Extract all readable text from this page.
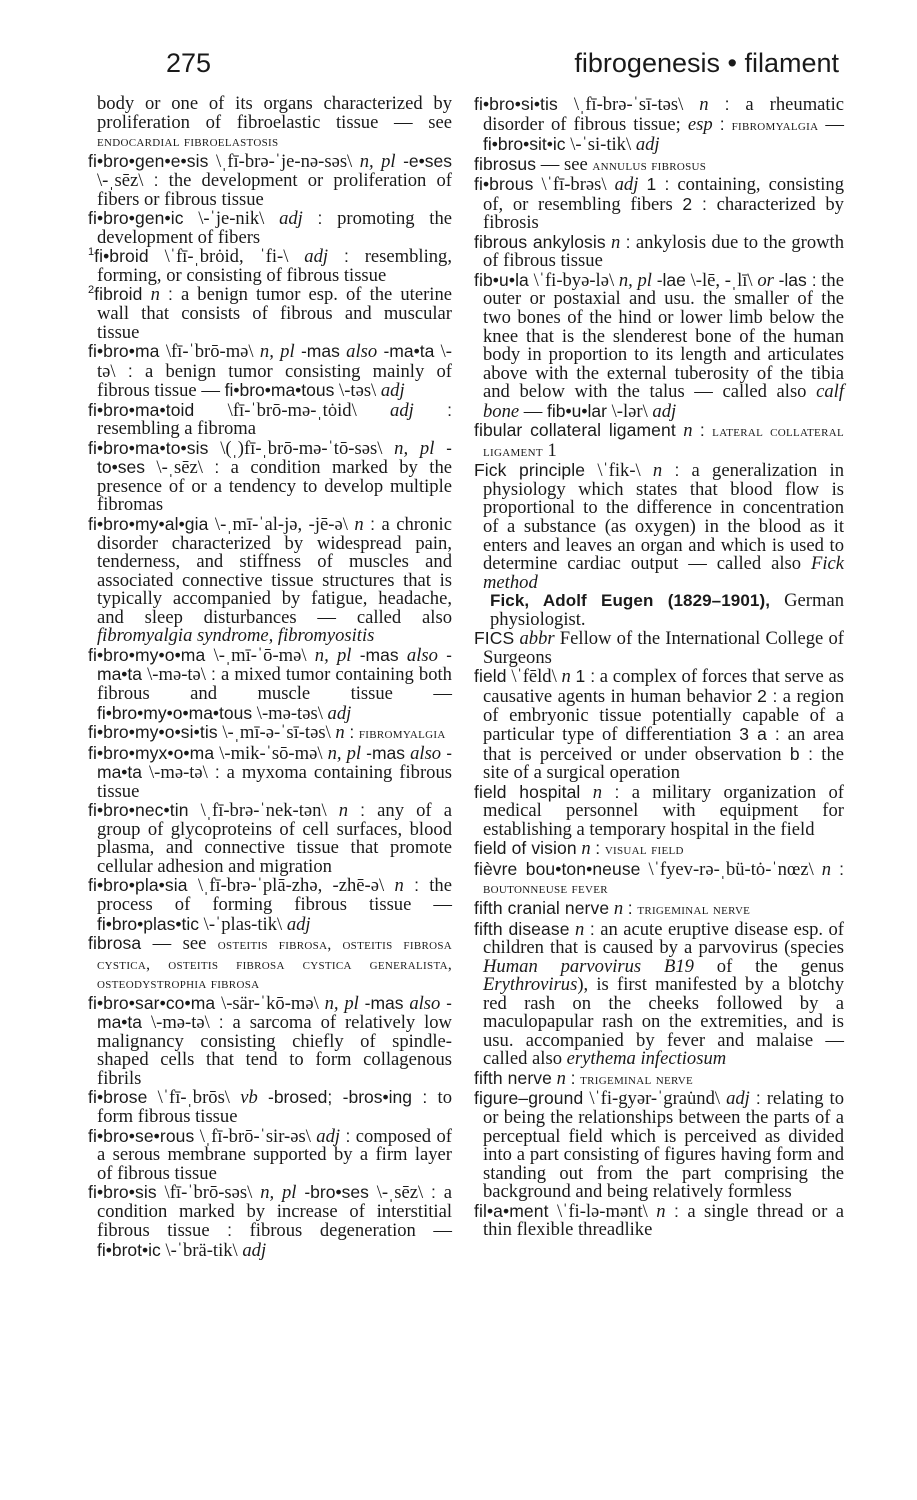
275	fibrogenesis • filament

body or one of its organs characterized by proliferation of fibroelastic tissue — see endocardial fibroelastosis

fi•bro•gen•e•sis \ˌfī-brə-ˈje-nə-səs\ n, pl -e•ses \-ˌsēz\ : the development or proliferation of fibers or fibrous tissue

fi•bro•gen•ic \-ˈje-nik\ adj : promoting the development of fibers

$^1$fi•broid \ˈfī-ˌbrȯid, ˈfi-\ adj : resembling, forming, or consisting of fibrous tissue

$^2$fibroid n : a benign tumor esp. of the uterine wall that consists of fibrous and muscular tissue

fi•bro•ma \fī-ˈbrō-mə\ n, pl -mas also -ma•ta \-tə\ : a benign tumor consisting mainly of fibrous tissue — fi•bro•ma•tous \-təs\ adj

fi•bro•ma•toid \fī-ˈbrō-mə-ˌtȯid\ adj : resembling a fibroma

fi•bro•ma•to•sis \(ˌ)fī-ˌbrō-mə-ˈtō-səs\ n, pl -to•ses \-ˌsēz\ : a condition marked by the presence of or a tendency to develop multiple fibromas

fi•bro•my•al•gia \-ˌmī-ˈal-jə, -jē-ə\ n : a chronic disorder characterized by widespread pain, tenderness, and stiffness of muscles and associated connective tissue structures that is typically accompanied by fatigue, headache, and sleep disturbances — called also fibromyalgia syndrome, fibromyositis

fi•bro•my•o•ma \-ˌmī-ˈō-mə\ n, pl -mas also -ma•ta \-mə-tə\ : a mixed tumor containing both fibrous and muscle tissue — fi•bro•my•o•ma•tous \-mə-təs\ adj

fi•bro•my•o•si•tis \-ˌmī-ə-ˈsī-təs\ n : fibromyalgia

fi•bro•myx•o•ma \-mik-ˈsō-mə\ n, pl -mas also -ma•ta \-mə-tə\ : a myxoma containing fibrous tissue

fi•bro•nec•tin \ˌfī-brə-ˈnek-tən\ n : any of a group of glycoproteins of cell surfaces, blood plasma, and connective tissue that promote cellular adhesion and migration

fi•bro•pla•sia \ˌfī-brə-ˈplā-zhə, -zhē-ə\ n : the process of forming fibrous tissue — fi•bro•plas•tic \-ˈplas-tik\ adj

fibrosa — see osteitis fibrosa, osteitis fibrosa cystica, osteitis fibrosa cystica generalista, osteodystrophia fibrosa

fi•bro•sar•co•ma \-sär-ˈkō-mə\ n, pl -mas also -ma•ta \-mə-tə\ : a sarcoma of relatively low malignancy consisting chiefly of spindle-shaped cells that tend to form collagenous fibrils

fi•brose \ˈfī-ˌbrōs\ vb -brosed; -bros•ing : to form fibrous tissue

fi•bro•se•rous \ˌfī-brō-ˈsir-əs\ adj : composed of a serous membrane supported by a firm layer of fibrous tissue

fi•bro•sis \fī-ˈbrō-səs\ n, pl -bro•ses \-ˌsēz\ : a condition marked by increase of interstitial fibrous tissue : fibrous degeneration — fi•brot•ic \-ˈbrä-tik\ adj

fi•bro•si•tis \ˌfī-brə-ˈsī-təs\ n : a rheumatic disorder of fibrous tissue; esp : fibromyalgia — fi•bro•sit•ic \-ˈsi-tik\ adj

fibrosus — see annulus fibrosus

fi•brous \ˈfī-brəs\ adj 1 : containing, consisting of, or resembling fibers 2 : characterized by fibrosis

fibrous ankylosis n : ankylosis due to the growth of fibrous tissue

fib•u•la \ˈfi-byə-lə\ n, pl -lae \-lē, -ˌlī\ or -las : the outer or postaxial and usu. the smaller of the two bones of the hind or lower limb below the knee that is the slenderest bone of the human body in proportion to its length and articulates above with the external tuberosity of the tibia and below with the talus — called also calf bone — fib•u•lar \-lər\ adj

fibular collateral ligament n : lateral collateral ligament 1

Fick principle \ˈfik-\ n : a generalization in physiology which states that blood flow is proportional to the difference in concentration of a substance (as oxygen) in the blood as it enters and leaves an organ and which is used to determine cardiac output — called also Fick method

Fick, Adolf Eugen (1829–1901), German physiologist.

FICS abbr Fellow of the International College of Surgeons

field \ˈfēld\ n 1 : a complex of forces that serve as causative agents in human behavior 2 : a region of embryonic tissue potentially capable of a particular type of differentiation 3 a : an area that is perceived or under observation b : the site of a surgical operation

field hospital n : a military organization of medical personnel with equipment for establishing a temporary hospital in the field

field of vision n : visual field

fièvre bou•ton•neuse \ˈfyev-rə-ˌbü-tȯ-ˈnœz\ n : boutonneuse fever

fifth cranial nerve n : trigeminal nerve

fifth disease n : an acute eruptive disease esp. of children that is caused by a parvovirus (species Human parvovirus B19 of the genus Erythrovirus), is first manifested by a blotchy red rash on the cheeks followed by a maculopapular rash on the extremities, and is usu. accompanied by fever and malaise — called also erythema infectiosum

fifth nerve n : trigeminal nerve

figure–ground \ˈfi-gyər-ˈgrau̇nd\ adj : relating to or being the relationships between the parts of a perceptual field which is perceived as divided into a part consisting of figures having form and standing out from the part comprising the background and being relatively formless

fil•a•ment \ˈfi-lə-mənt\ n : a single thread or a thin flexible threadlike
